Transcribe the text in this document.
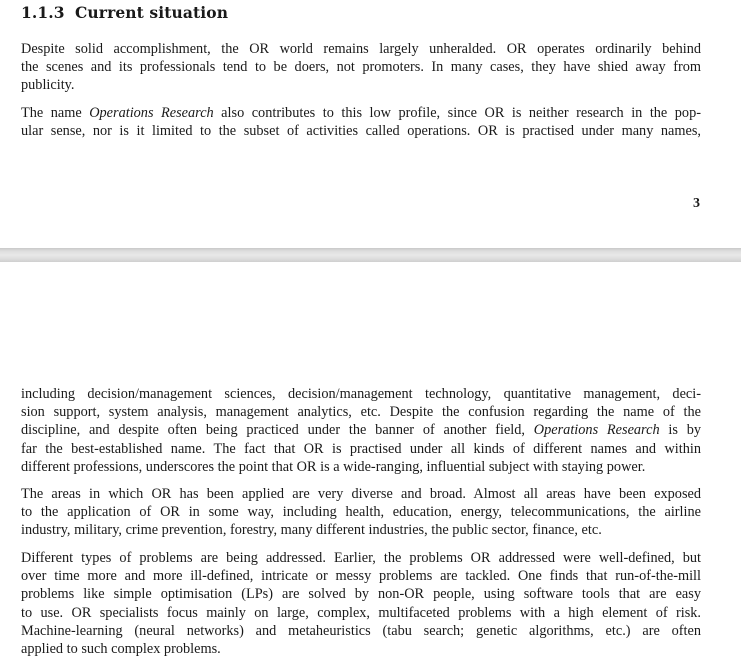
1.1.3 Current situation

Despite solid accomplishment, the OR world remains largely unheralded. OR operates ordinarily behind
the scenes and its professionals tend to be doers, not promoters. In many cases, they have shied away from
publicity.

The name Operations Research also contributes to this low profile, since OR is neither research in the pop-
ular sense, nor is it limited to the subset of activities called operations. OR is practised under many names,

3

including decision/management sciences, decision/management technology, quantitative management, deci-
sion support, system analysis, management analytics, etc. Despite the confusion regarding the name of the
discipline, and despite often being practiced under the banner of another field, Operations Research is by
far the best-established name. The fact that OR is practised under all kinds of different names and within
different professions, underscores the point that OR is a wide-ranging, influential subject with staying power.

The areas in which OR has been applied are very diverse and broad. Almost all areas have been exposed
to the application of OR in some way, including health, education, energy, telecommunications, the airline
industry, military, crime prevention, forestry, many different industries, the public sector, finance, etc.

Different types of problems are being addressed. Earlier, the problems OR addressed were well-defined, but
over time more and more ill-defined, intricate or messy problems are tackled. One finds that run-of-the-mill
problems like simple optimisation (LPs) are solved by non-OR people, using software tools that are easy
to use. OR specialists focus mainly on large, complex, multifaceted problems with a high element of risk.
Machine-learning (neural networks) and metaheuristics (tabu search; genetic algorithms, etc.) are often
applied to such complex problems.
